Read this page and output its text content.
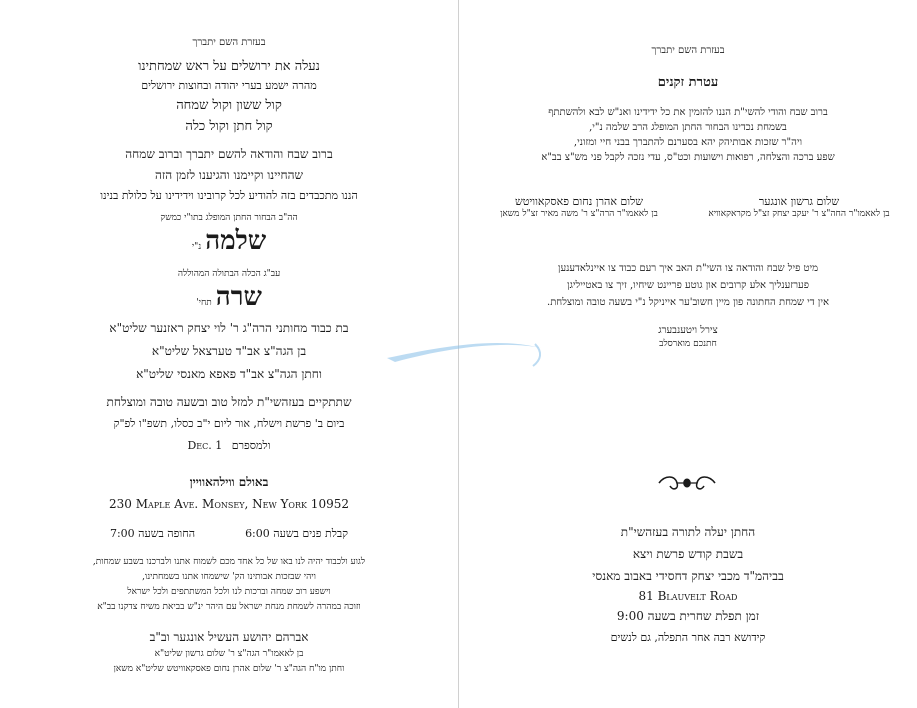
בעזרת השם יתברך
נעלה את ירושלים על ראש שמחתינו
מהרה ישמע בערי יהודה ובחוצות ירושלים
קול ששון וקול שמחה
קול חתן וקול כלה
ברוב שבח והודאה להשם יתברך וברוב שמחה
שהחיינו וקיימנו והגיענו לזמן הזה
הננו מתכבדים בזה להודיע לכל קרובינו וידידינו על כלולת בנינו
הה"ב הבחור החתן המופלג בתו"י כמשק
שלמה
נ"י
עב"ג הכלה הבתולה המהוללה
שרה
תחי'
בת כבוד מחותני הרה"ג ר' לוי יצחק ראזנער שליט"א
בן הגה"צ אב"ד טערצאל שליט"א
וחתן הגה"צ אב"ד פאפא מאנסי שליט"א
שתתקיים בעזהשי"ת למזל טוב ובשעה טובה ומוצלחת
ביום ב' פרשת וישלח, אור ליום י"ב כסלו, תשפ"ו לפ"ק
ולמספרם Dec. 1
באולם ווילהאוויין
230 Maple Ave. Monsey, New York 10952
קבלת פנים בשעה 6:00
החופה בשעה 7:00
לגוע ולכבוד יהיה לנו באו של כל אחד מכם לשמוח אתנו ולברכנו בשבע שמחות,
ויהי שבזכות אבותינו הק' שישמחו אתנו בשמחתינו,
וישפע רוב שמחה וברכות לנו ולכל המשתתפים ולכל ישראל
וזוכה במהרה לשמחת מנחת ישראל עם היהר ינ"ש בביאת משיח צדקנו בב"א
אברהם יהושע העשיל אונגער וב"ב
בן לאאמו"ר הגה"צ ר' שלום גרשון שליט"א
וחתן מו"ח הגה"צ ר' שלום אהרן נחום פאסקאוויטש שליט"א משאן
בעזרת השם יתברך
עטרת זקנים
ברוב שבח והודי להשי"ת הננו להזמין את כל ידידינו ואנ"ש לבא ולהשתתף
בשמחת נכדינו הבחור החתן המופלג הרב שלמה נ"י,
ויה"ר שזכות אבותיהק יהא בסערנם להתברך בבני חיי ומזוני,
שפע ברכה והצלחה, רפואות וישועות וכט"ס, עדי נזכה לקבל פני מש"צ בב"א
שלום גרשון אונגער
בן לאאמו"ר החה"צ ר' יעקב יצחק זצ"ל מקראקאוויא
שלום אהרן נחום פאסקאוויטש
בן לאאמו"ר הרה"צ ר' משה מאיר זצ"ל משאן
מיט פיל שבח והודאה צו השי"ת האב איך רעם כבוד צו איינלאדענען
פערזענליך אלע קרובים און גוטע פריינט שיחיו, זיך צו באטייליגן
אין די שמחת החתונה פון מיין חשוב'ער אייניקל נ"י בשעה טובה ומוצלחת.
צירל ויטענבערג
חתנכם מוארסלב
החתן יעלה לתורה בעזהשי"ת
בשבת קודש פרשת ויצא
בביהמ"ד מכבי יצחק דחסידי באבוב מאנסי
81 Blauvelt Road
זמן תפלת שחרית בשעה 9:00
קידושא רבה אחר התפלה, גם לנשים
